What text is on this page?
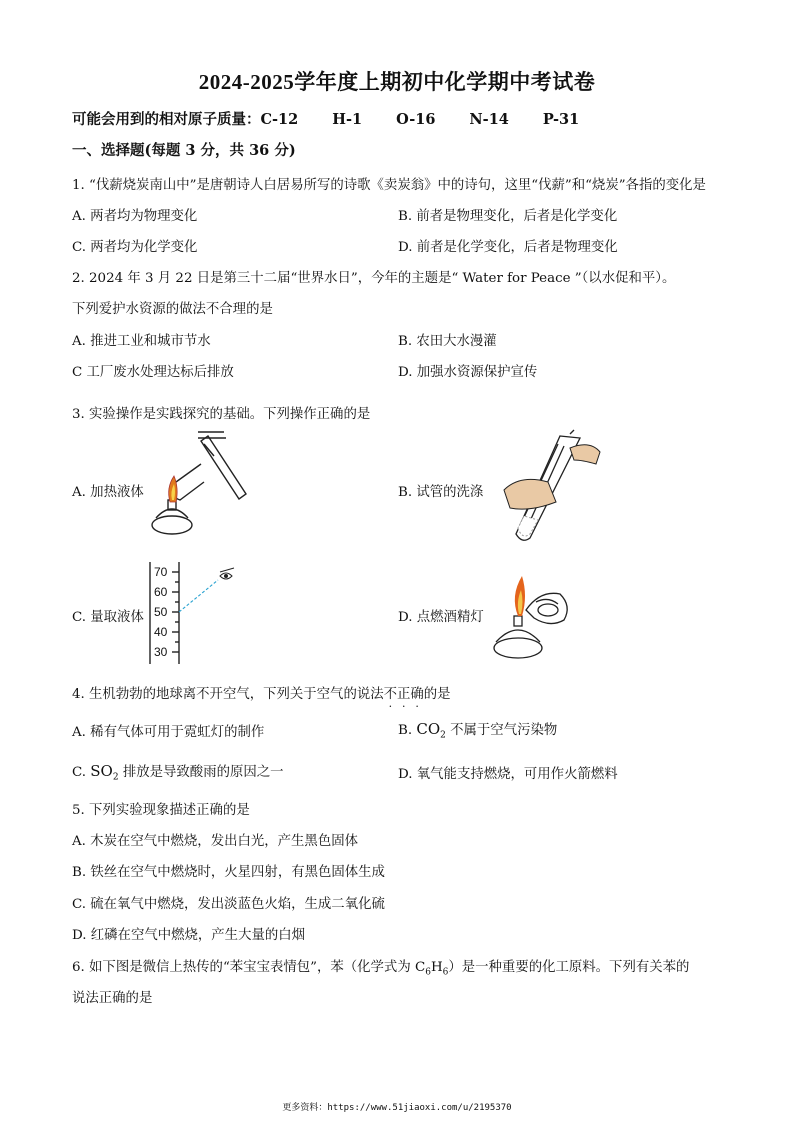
2024-2025学年度上期初中化学期中考试卷
可能会用到的相对原子质量：C-12 H-1 O-16 N-14 P-31
一、选择题(每题 3 分，共 36 分)
1. “伐薪烧炭南山中”是唐朝诗人白居易所写的诗歌《卖炭翁》中的诗句，这里“伐薪”和“烧炭”各指的变化是
A. 两者均为物理变化	B. 前者是物理变化，后者是化学变化
C. 两者均为化学变化	D. 前者是化学变化，后者是物理变化
2. 2024 年 3 月 22 日是第三十二届“世界水日”，今年的主题是“ Water for Peace ”（以水促和平）。
下列爱护水资源的做法不合理的是
A. 推进工业和城市节水	B. 农田大水漫灌
C 工厂废水处理达标后排放	D. 加强水资源保护宣传
3. 实验操作是实践探究的基础。下列操作正确的是
A. 加热液体	B. 试管的洗涤
C. 量取液体	D. 点燃酒精灯
70
60
50
40
30
4. 生机勃勃的地球离不开空气，下列关于空气的说法不正确的是
A. 稀有气体可用于霓虹灯的制作	B. $CO_2$ 不属于空气污染物
C. $SO_2$ 排放是导致酸雨的原因之一	D. 氧气能支持燃烧，可用作火箭燃料
5. 下列实验现象描述正确的是
A. 木炭在空气中燃烧，发出白光，产生黑色固体
B. 铁丝在空气中燃烧时，火星四射，有黑色固体生成
C. 硫在氧气中燃烧，发出淡蓝色火焰，生成二氧化硫
D. 红磷在空气中燃烧，产生大量的白烟
6. 如下图是微信上热传的“苯宝宝表情包”，苯（化学式为 $C_6H_6$）是一种重要的化工原料。下列有关苯的
说法正确的是
更多资料：https://www.51jiaoxi.com/u/2195370
